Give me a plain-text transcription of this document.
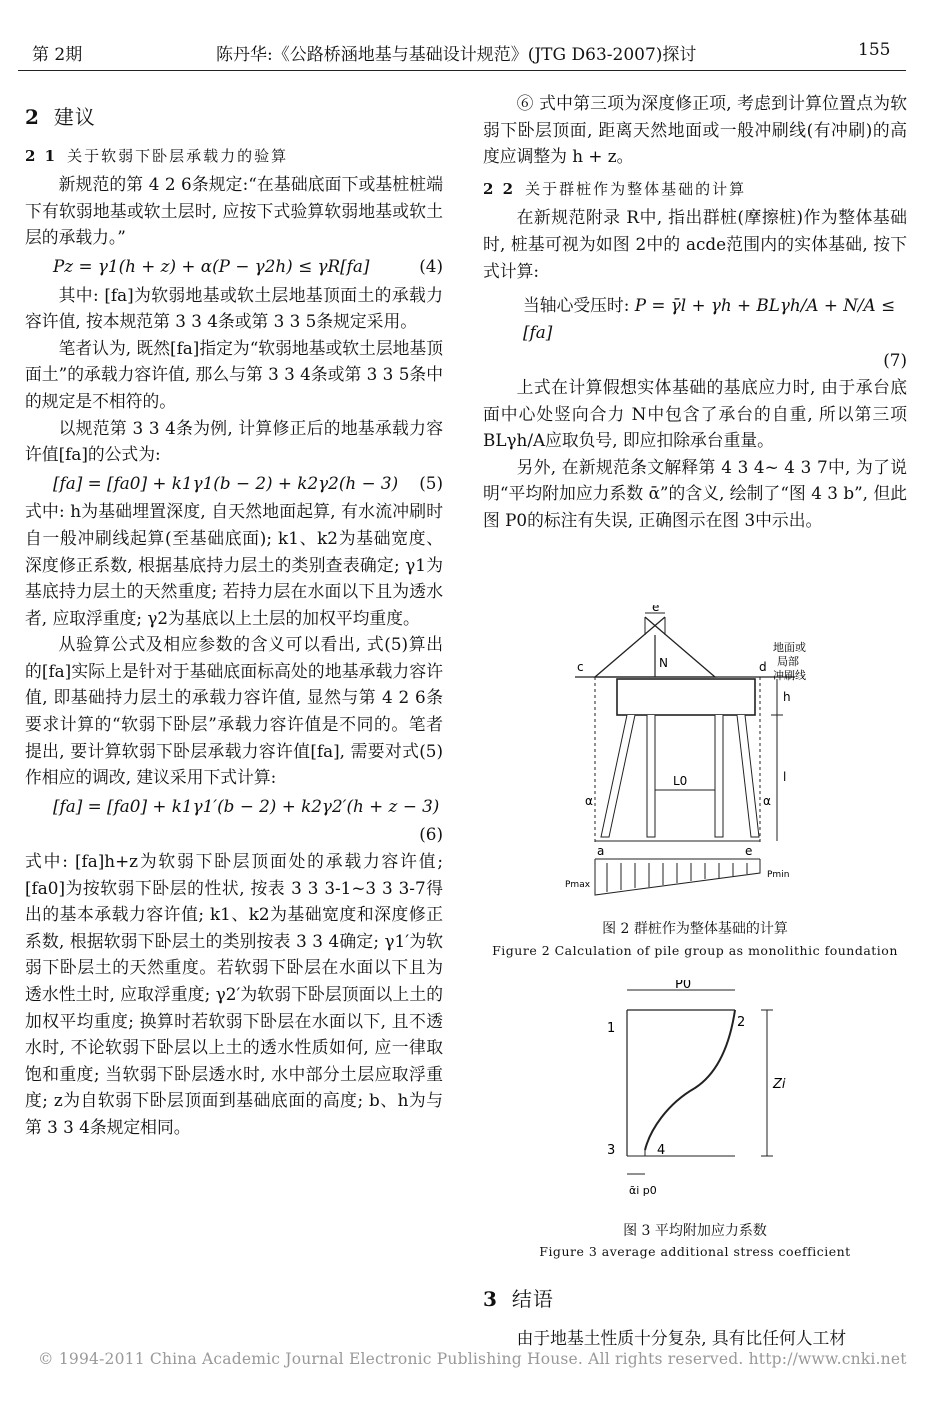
第 2期	陈丹华:《公路桥涵地基与基础设计规范》(JTG D63-2007)探讨	155
2 建议
2 1 关于软弱下卧层承载力的验算

新规范的第 4 2 6条规定:“在基础底面下或基桩桩端下有软弱地基或软土层时, 应按下式验算软弱地基或软土层的承载力。”

Pz = γ1(h + z) + α(P − γ2h) ≤ γR[fa]	(4)

其中: [fa]为软弱地基或软土层地基顶面土的承载力容许值, 按本规范第 3 3 4条或第 3 3 5条规定采用。

笔者认为, 既然[fa]指定为“软弱地基或软土层地基顶面土”的承载力容许值, 那么与第 3 3 4条或第 3 3 5条中的规定是不相符的。

以规范第 3 3 4条为例, 计算修正后的地基承载力容许值[fa]的公式为:

[fa] = [fa0] + k1γ1(b − 2) + k2γ2(h − 3) (5)

式中: h为基础埋置深度, 自天然地面起算, 有水流冲刷时自一般冲刷线起算(至基础底面); k1、k2为基础宽度、深度修正系数, 根据基底持力层土的类别查表确定; γ1为基底持力层土的天然重度; 若持力层在水面以下且为透水者, 应取浮重度; γ2为基底以上土层的加权平均重度。

从验算公式及相应参数的含义可以看出, 式(5)算出的[fa]实际上是针对于基础底面标高处的地基承载力容许值, 即基础持力层土的承载力容许值, 显然与第 4 2 6条要求计算的“软弱下卧层”承载力容许值是不同的。笔者提出, 要计算软弱下卧层承载力容许值[fa], 需要对式(5)作相应的调改, 建议采用下式计算:

[fa] = [fa0] + k1γ1′(b − 2) + k2γ2′(h + z − 3)
(6)

式中: [fa]h+z为软弱下卧层顶面处的承载力容许值; [fa0]为按软弱下卧层的性状, 按表 3 3 3-1~3 3 3-7得出的基本承载力容许值; k1、k2为基础宽度和深度修正系数, 根据软弱下卧层土的类别按表 3 3 4确定; γ1′为软弱下卧层土的天然重度。若软弱下卧层在水面以下且为透水性土时, 应取浮重度; γ2′为软弱下卧层顶面以上土的加权平均重度; 换算时若软弱下卧层在水面以下, 且不透水时, 不论软弱下卧层以上土的透水性质如何, 应一律取饱和重度; 当软弱下卧层透水时, 水中部分土层应取浮重度; z为自软弱下卧层顶面到基础底面的高度; b、h为与第 3 3 4条规定相同。

⑥ 式中第三项为深度修正项, 考虑到计算位置点为软弱下卧层顶面, 距离天然地面或一般冲刷线(有冲刷)的高度应调整为 h + z。

2 2 关于群桩作为整体基础的计算

在新规范附录 R中, 指出群桩(摩擦桩)作为整体基础时, 桩基可视为如图 2中的 acde范围内的实体基础, 按下式计算:

当轴心受压时: P = γ̄l + γh + BLγh/A + N/A ≤ [fa]
(7)

上式在计算假想实体基础的基底应力时, 由于承台底面中心处竖向合力 N中包含了承台的自重, 所以第三项BLγh/A应取负号, 即应扣除承台重量。

另外, 在新规范条文解释第 4 3 4~ 4 3 7中, 为了说明“平均附加应力系数 ᾱ”的含义, 绘制了“图 4 3 b”, 但此图 P0的标注有失误, 正确图示在图 3中示出。

e
N
c	d
地面或
局部
冲刷线
a	e
α	α
L0
h
l
Pmax
Pmin
图 2 群桩作为整体基础的计算
Figure 2 Calculation of pile group as monolithic foundation
P0
1	2
3	4
Zi
ᾱi p0
图 3 平均附加应力系数
Figure 3 average additional stress coefficient
3 结语

由于地基土性质十分复杂, 具有比任何人工材

© 1994-2011 China Academic Journal Electronic Publishing House. All rights reserved. http://www.cnki.net
